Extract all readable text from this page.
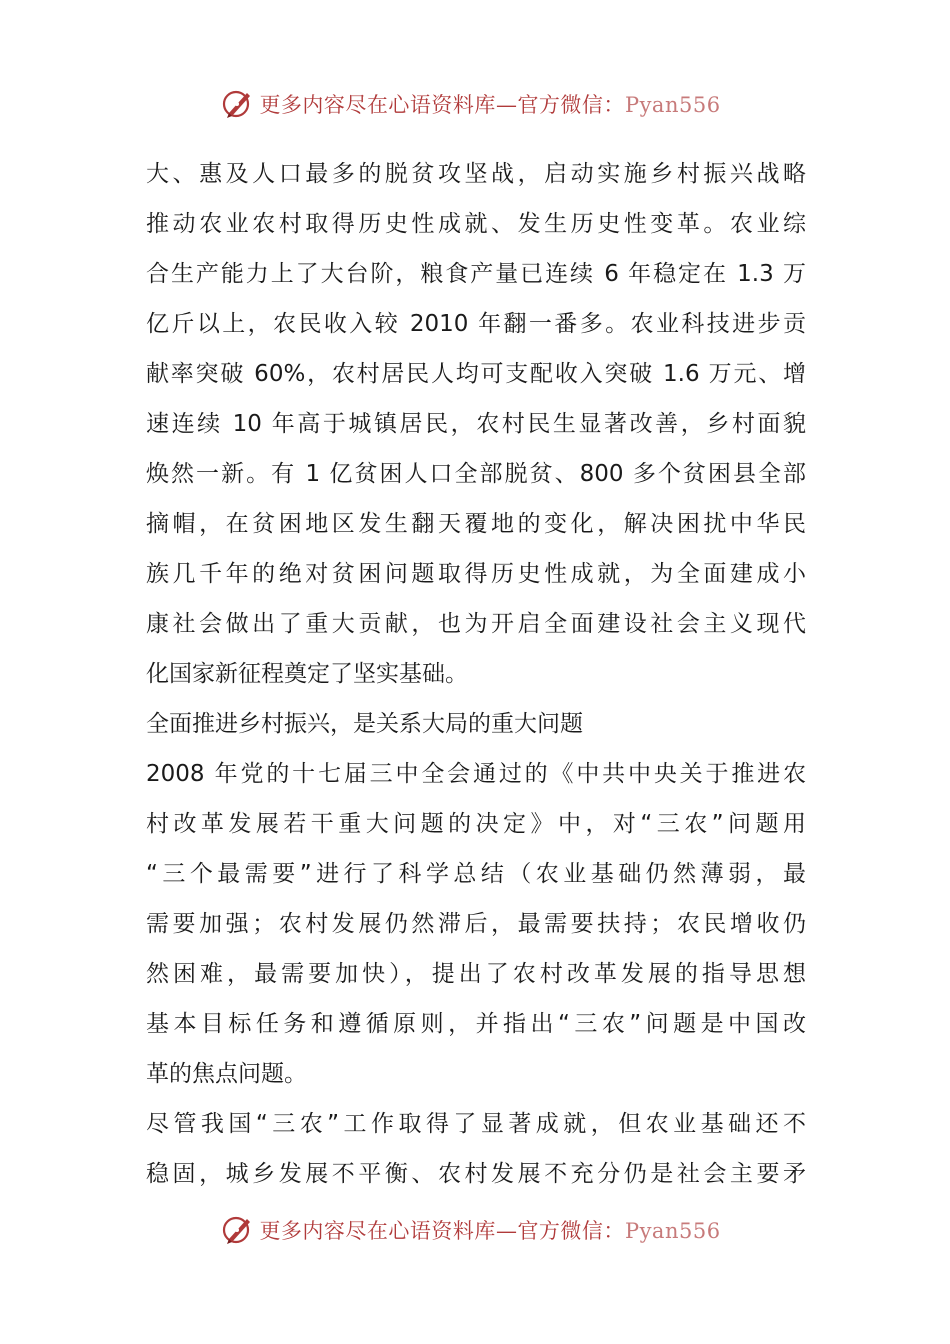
更多内容尽在心语资料库—官方微信：Pyan556
大、惠及人口最多的脱贫攻坚战，启动实施乡村振兴战略
推动农业农村取得历史性成就、发生历史性变革。农业综
合生产能力上了大台阶，粮食产量已连续 6 年稳定在 1.3 万
亿斤以上，农民收入较 2010 年翻一番多。农业科技进步贡
献率突破 60%，农村居民人均可支配收入突破 1.6 万元、增
速连续 10 年高于城镇居民，农村民生显著改善，乡村面貌
焕然一新。有 1 亿贫困人口全部脱贫、800 多个贫困县全部
摘帽，在贫困地区发生翻天覆地的变化，解决困扰中华民
族几千年的绝对贫困问题取得历史性成就，为全面建成小
康社会做出了重大贡献，也为开启全面建设社会主义现代
化国家新征程奠定了坚实基础。
全面推进乡村振兴，是关系大局的重大问题
2008 年党的十七届三中全会通过的《中共中央关于推进农
村改革发展若干重大问题的决定》中，对“三农”问题用
“三个最需要”进行了科学总结（农业基础仍然薄弱，最
需要加强；农村发展仍然滞后，最需要扶持；农民增收仍
然困难，最需要加快），提出了农村改革发展的指导思想
基本目标任务和遵循原则，并指出“三农”问题是中国改
革的焦点问题。
尽管我国“三农”工作取得了显著成就，但农业基础还不
稳固，城乡发展不平衡、农村发展不充分仍是社会主要矛
更多内容尽在心语资料库—官方微信：Pyan556
